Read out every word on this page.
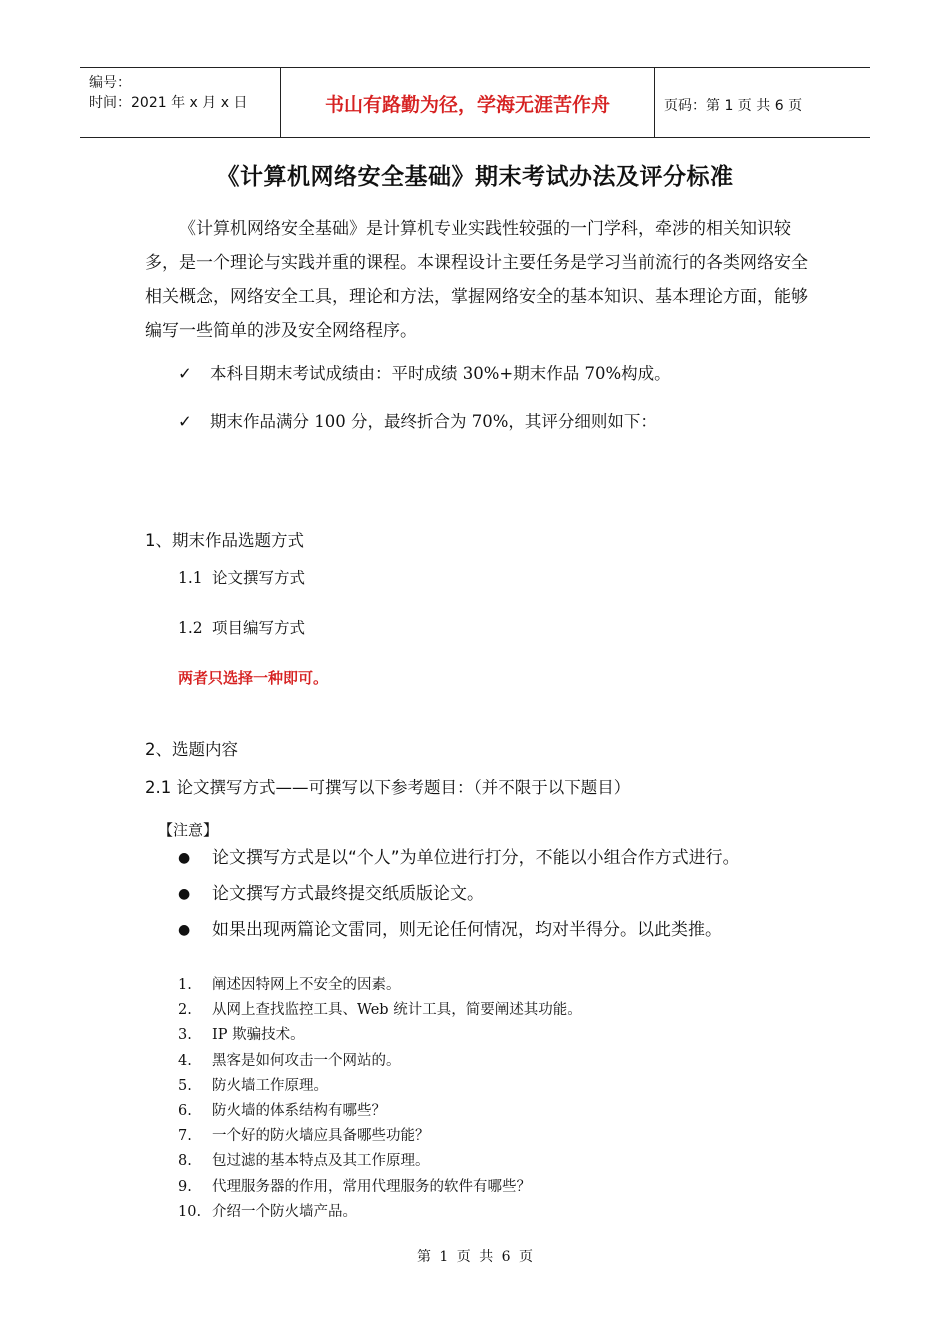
编号：
时间：2021 年 x 月 x 日	书山有路勤为径，学海无涯苦作舟	页码：第 1 页 共 6 页
《计算机网络安全基础》期末考试办法及评分标准

《计算机网络安全基础》是计算机专业实践性较强的一门学科，牵涉的相关知识较多，是一个理论与实践并重的课程。本课程设计主要任务是学习当前流行的各类网络安全相关概念，网络安全工具，理论和方法，掌握网络安全的基本知识、基本理论方面，能够编写一些简单的涉及安全网络程序。

✓ 本科目期末考试成绩由：平时成绩 30%+期末作品 70%构成。
✓ 期末作品满分 100 分，最终折合为 70%，其评分细则如下：
1、期末作品选题方式
1.1 论文撰写方式
1.2 项目编写方式
两者只选择一种即可。
2、选题内容
2.1 论文撰写方式——可撰写以下参考题目：（并不限于以下题目）
【注意】
● 论文撰写方式是以“个人”为单位进行打分，不能以小组合作方式进行。
● 论文撰写方式最终提交纸质版论文。
● 如果出现两篇论文雷同，则无论任何情况，均对半得分。以此类推。
1. 阐述因特网上不安全的因素。
2. 从网上查找监控工具、Web 统计工具，简要阐述其功能。
3. IP 欺骗技术。
4. 黑客是如何攻击一个网站的。
5. 防火墙工作原理。
6. 防火墙的体系结构有哪些？
7. 一个好的防火墙应具备哪些功能？
8. 包过滤的基本特点及其工作原理。
9. 代理服务器的作用，常用代理服务的软件有哪些？
10. 介绍一个防火墙产品。
第 1 页 共 6 页
